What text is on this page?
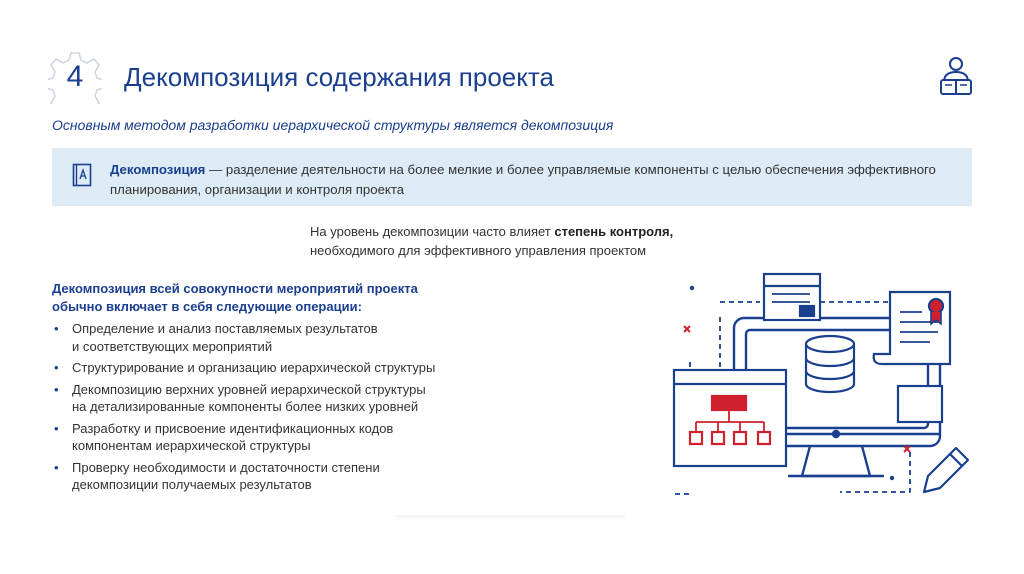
4	Декомпозиция содержания проекта
Основным методом разработки иерархической структуры является декомпозиция
Декомпозиция — разделение деятельности на более мелкие и более управляемые компоненты с целью обеспечения эффективного планирования, организации и контроля проекта
На уровень декомпозиции часто влияет степень контроля,
необходимого для эффективного управления проектом
Декомпозиция всей совокупности мероприятий проекта обычно включает в себя следующие операции:
• Определение и анализ поставляемых результатов
и соответствующих мероприятий
• Структурирование и организацию иерархической структуры
• Декомпозицию верхних уровней иерархической структуры
на детализированные компоненты более низких уровней
• Разработку и присвоение идентификационных кодов
компонентам иерархической структуры
• Проверку необходимости и достаточности степени
декомпозиции получаемых результатов
